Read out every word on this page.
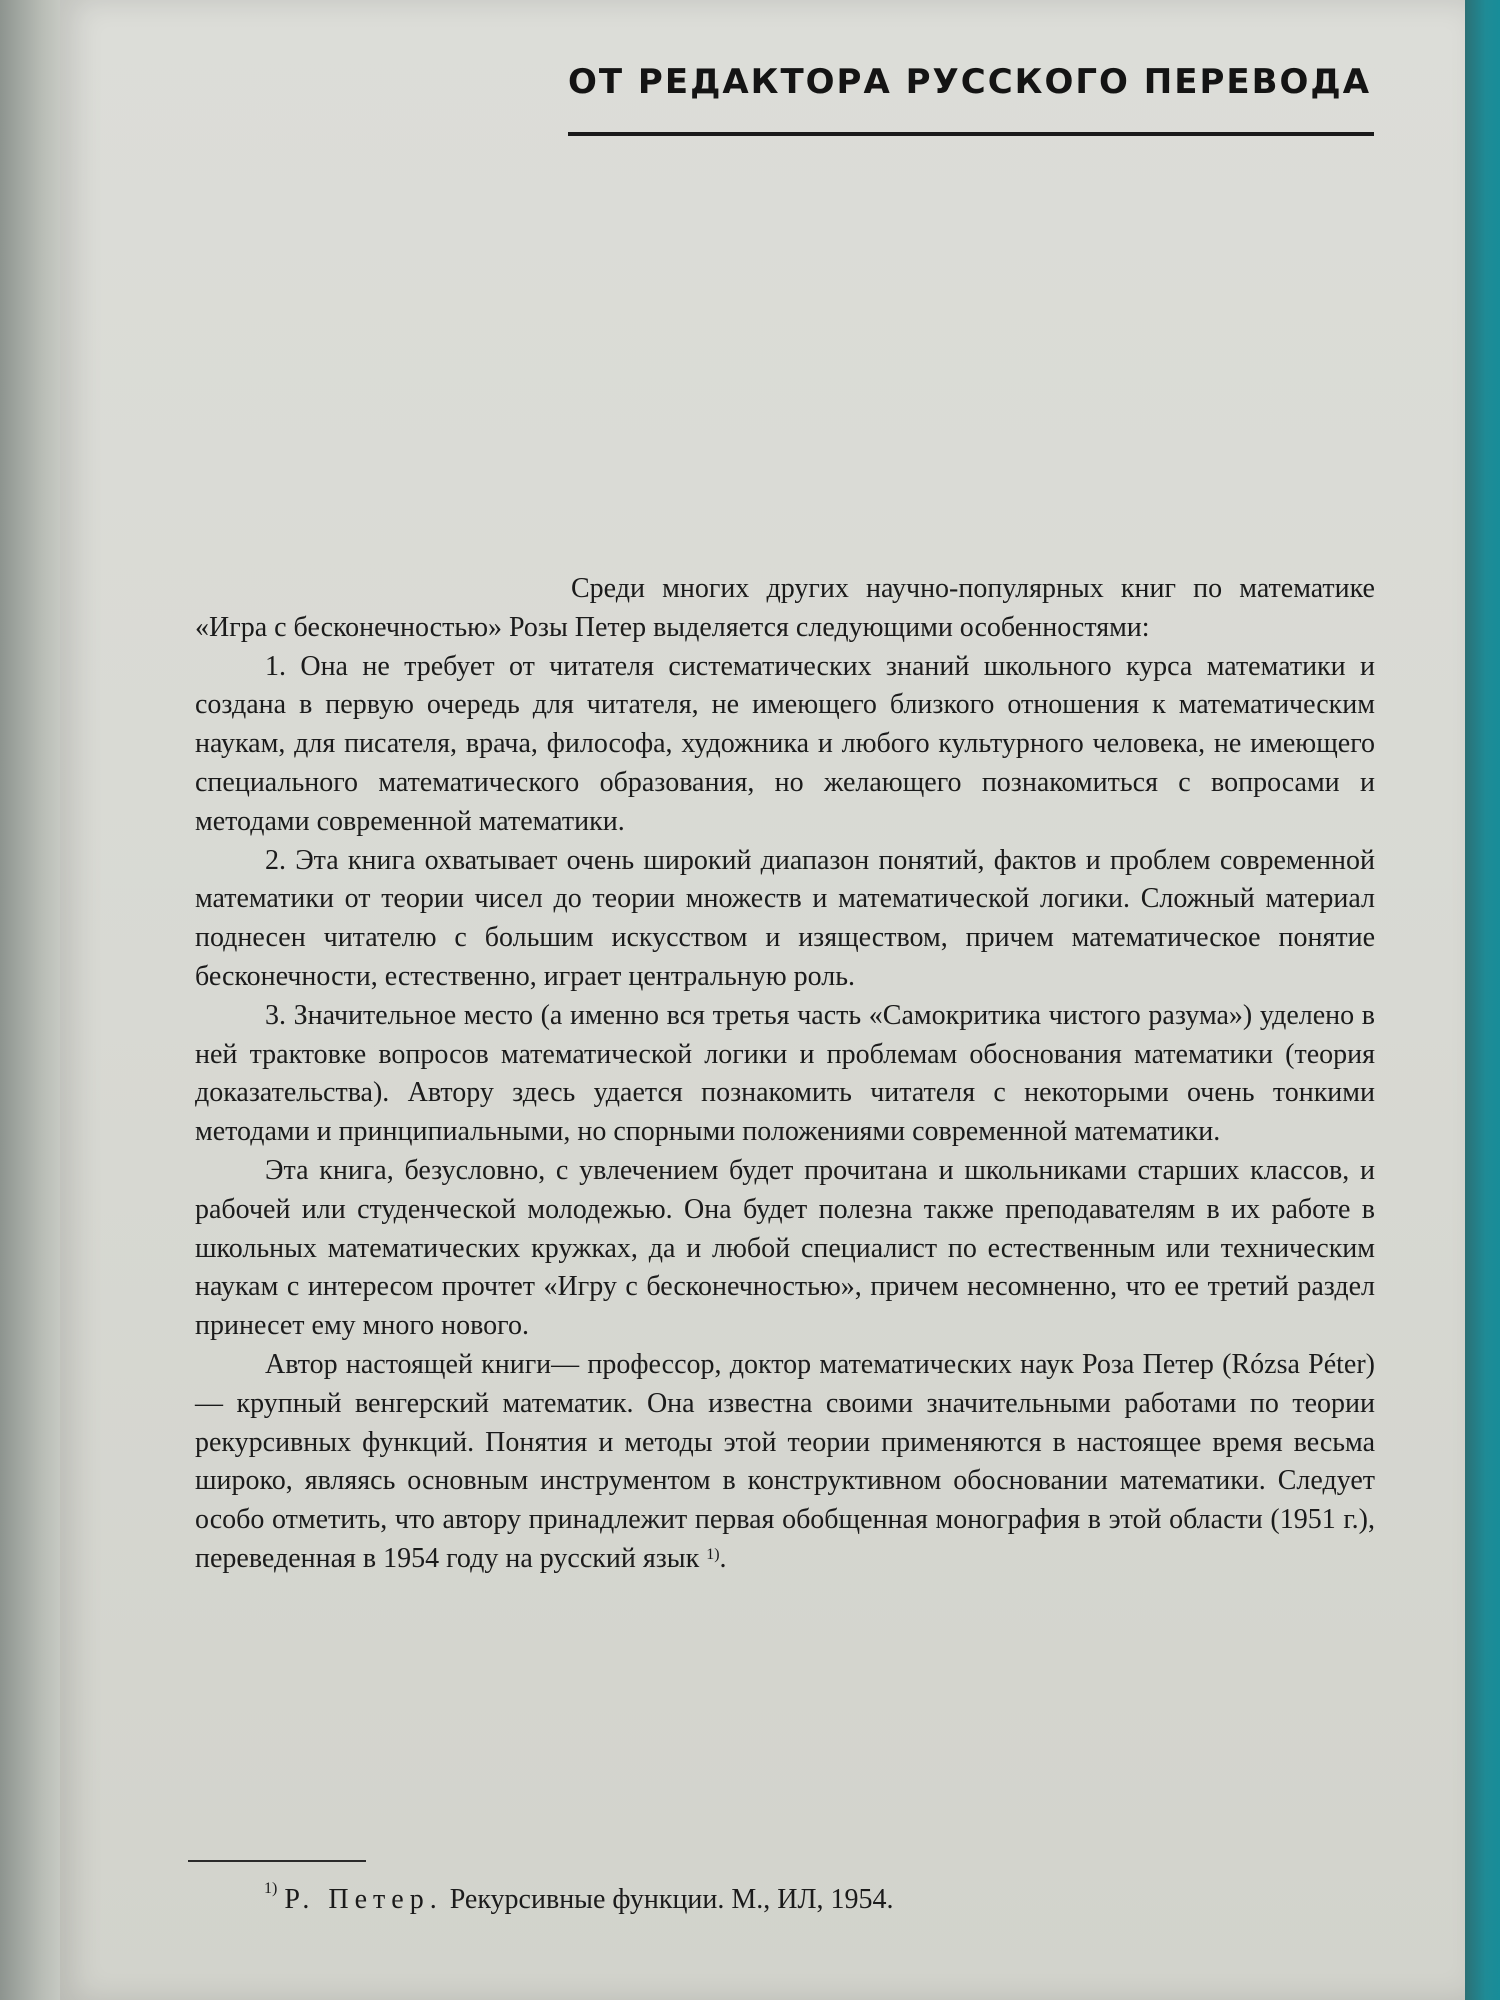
ОТ РЕДАКТОРА РУССКОГО ПЕРЕВОДА

Среди многих других научно-популярных книг по математике «Игра с бесконечностью» Розы Петер выделяется следующими особенностями:

1. Она не требует от читателя систематических знаний школьного курса математики и создана в первую очередь для читателя, не имеющего близкого отношения к математическим наукам, для писателя, врача, философа, художника и любого культурного человека, не имеющего специального математического образования, но желающего познакомиться с вопросами и методами современной математики.

2. Эта книга охватывает очень широкий диапазон понятий, фактов и проблем современной математики от теории чисел до теории множеств и математической логики. Сложный материал поднесен читателю с большим искусством и изяществом, причем математическое понятие бесконечности, естественно, играет центральную роль.

3. Значительное место (а именно вся третья часть «Самокритика чистого разума») уделено в ней трактовке вопросов математической логики и проблемам обоснования математики (теория доказательства). Автору здесь удается познакомить читателя с некоторыми очень тонкими методами и принципиальными, но спорными положениями современной математики.

Эта книга, безусловно, с увлечением будет прочитана и школьниками старших классов, и рабочей или студенческой молодежью. Она будет полезна также преподавателям в их работе в школьных математических кружках, да и любой специалист по естественным или техническим наукам с интересом прочтет «Игру с бесконечностью», причем несомненно, что ее третий раздел принесет ему много нового.

Автор настоящей книги— профессор, доктор математических наук Роза Петер (Rózsa Péter) — крупный венгерский математик. Она известна своими значительными работами по теории рекурсивных функций. Понятия и методы этой теории применяются в настоящее время весьма широко, являясь основным инструментом в конструктивном обосновании математики. Следует особо отметить, что автору принадлежит первая обобщенная монография в этой области (1951 г.), переведенная в 1954 году на русский язык $^{1)}$.

$^{1)}$ Р. Петер. Рекурсивные функции. М., ИЛ, 1954.
